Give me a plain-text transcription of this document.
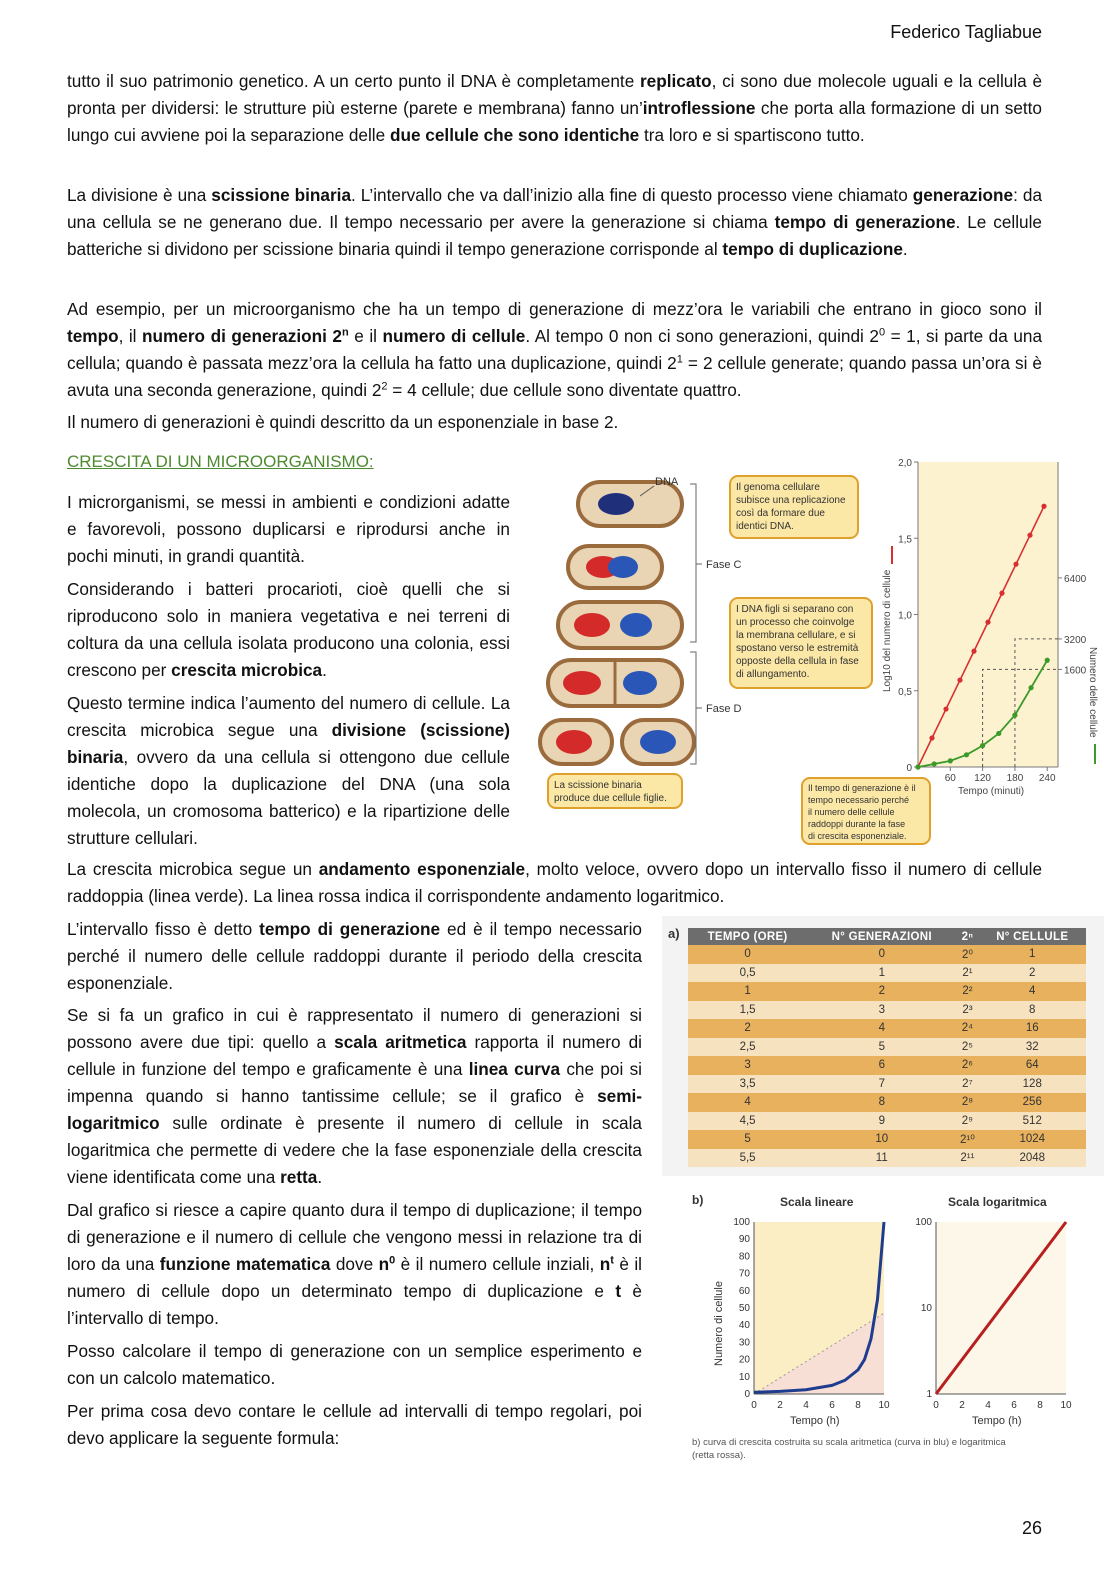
Federico Tagliabue

tutto il suo patrimonio genetico. A un certo punto il DNA è completamente replicato, ci sono due molecole uguali e la cellula è pronta per dividersi: le strutture più esterne (parete e membrana) fanno un’introflessione che porta alla formazione di un setto lungo cui avviene poi la separazione delle due cellule che sono identiche tra loro e si spartiscono tutto.

La divisione è una scissione binaria. L’intervallo che va dall’inizio alla fine di questo processo viene chiamato generazione: da una cellula se ne generano due. Il tempo necessario per avere la generazione si chiama tempo di generazione. Le cellule batteriche si dividono per scissione binaria quindi il tempo generazione corrisponde al tempo di duplicazione.

Ad esempio, per un microorganismo che ha un tempo di generazione di mezz’ora le variabili che entrano in gioco sono il tempo, il numero di generazioni 2$^n$ e il numero di cellule. Al tempo 0 non ci sono generazioni, quindi $2^0 = 1$, si parte da una cellula; quando è passata mezz’ora la cellula ha fatto una duplicazione, quindi $2^1 = 2$ cellule generate; quando passa un’ora si è avuta una seconda generazione, quindi $2^2 = 4$ cellule; due cellule sono diventate quattro.

Il numero di generazioni è quindi descritto da un esponenziale in base 2.

CRESCITA DI UN MICROORGANISMO:

I microrganismi, se messi in ambienti e condizioni adatte e favorevoli, possono duplicarsi e riprodursi anche in pochi minuti, in grandi quantità.

Considerando i batteri procarioti, cioè quelli che si riproducono solo in maniera vegetativa e nei terreni di coltura da una cellula isolata producono una colonia, essi crescono per crescita microbica.

Questo termine indica l’aumento del numero di cellule. La crescita microbica segue una divisione (scissione) binaria, ovvero da una cellula si ottengono due cellule identiche dopo la duplicazione del DNA (una sola molecola, un cromosoma batterico) e la ripartizione delle strutture cellulari.

DNA
Fase C
Fase D
Il genoma cellulare subisce una replicazione così da formare due identici DNA.
I DNA figli si separano con un processo che coinvolge la membrana cellulare, e si spostano verso le estremità opposte della cellula in fase di allungamento.
La scissione binaria produce due cellule figlie.
Il tempo di generazione è il tempo necessario perché il numero delle cellule raddoppi durante la fase di crescita esponenziale.
Log10 del numero di cellule
Numero delle cellule
Tempo (minuti)
0
0,5
1,0
1,5
2,0
60 120 180 240
1600
3200
6400

La crescita microbica segue un andamento esponenziale, molto veloce, ovvero dopo un intervallo fisso il numero di cellule raddoppia (linea verde). La linea rossa indica il corrispondente andamento logaritmico.

L’intervallo fisso è detto tempo di generazione ed è il tempo necessario perché il numero delle cellule raddoppi durante il periodo della crescita esponenziale.

Se si fa un grafico in cui è rappresentato il numero di generazioni si possono avere due tipi: quello a scala aritmetica rapporta il numero di cellule in funzione del tempo e graficamente è una linea curva che poi si impenna quando si hanno tantissime cellule; se il grafico è semi-logaritmico sulle ordinate è presente il numero di cellule in scala logaritmica che permette di vedere che la fase esponenziale della crescita viene identificata come una retta.

Dal grafico si riesce a capire quanto dura il tempo di duplicazione; il tempo di generazione e il numero di cellule che vengono messi in relazione tra di loro da una funzione matematica dove $n^0$ è il numero cellule inziali, $n^t$ è il numero di cellule dopo un determinato tempo di duplicazione e t è l’intervallo di tempo.

Posso calcolare il tempo di generazione con un semplice esperimento e con un calcolo matematico.

Per prima cosa devo contare le cellule ad intervalli di tempo regolari, poi devo applicare la seguente formula:

a) TEMPO (ORE)	N° GENERAZIONI	2ⁿ	N° CELLULE
0	0	2⁰	1
0,5	1	2¹	2
1	2	2²	4
1,5	3	2³	8
2	4	2⁴	16
2,5	5	2⁵	32
3	6	2⁶	64
3,5	7	2⁷	128
4	8	2⁸	256
4,5	9	2⁹	512
5	10	2¹⁰	1024
5,5	11	2¹¹	2048
b)	Scala lineare
Numero di cellule
Tempo (h)
0
10
20
30
40
50
60
70
80
90
100
0 2 4 6 8 10
Scala logaritmica
Tempo (h)
1
10
100
0 2 4 6 8 10
b) curva di crescita costruita su scala aritmetica (curva in blu) e logaritmica (retta rossa).
26
